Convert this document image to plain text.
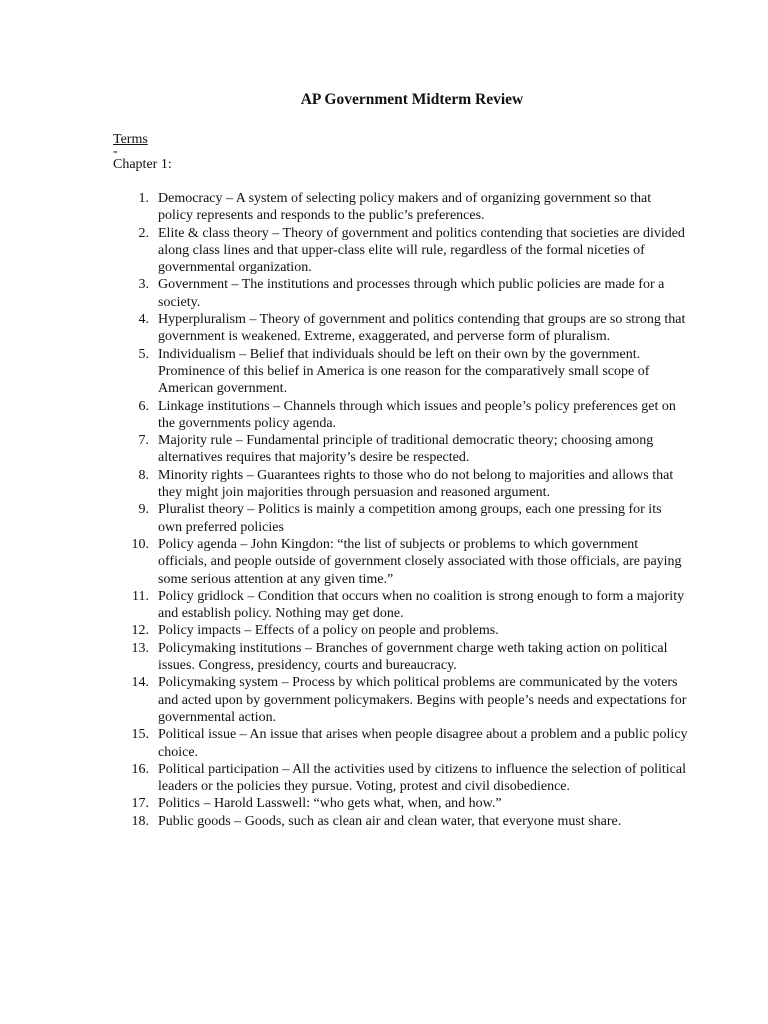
AP Government Midterm Review
Terms
-
Chapter 1:
1. Democracy – A system of selecting policy makers and of organizing government so that policy represents and responds to the public’s preferences.
2. Elite & class theory – Theory of government and politics contending that societies are divided along class lines and that upper-class elite will rule, regardless of the formal niceties of governmental organization.
3. Government – The institutions and processes through which public policies are made for a society.
4. Hyperpluralism – Theory of government and politics contending that groups are so strong that government is weakened. Extreme, exaggerated, and perverse form of pluralism.
5. Individualism – Belief that individuals should be left on their own by the government. Prominence of this belief in America is one reason for the comparatively small scope of American government.
6. Linkage institutions – Channels through which issues and people’s policy preferences get on the governments policy agenda.
7. Majority rule – Fundamental principle of traditional democratic theory; choosing among alternatives requires that majority’s desire be respected.
8. Minority rights – Guarantees rights to those who do not belong to majorities and allows that they might join majorities through persuasion and reasoned argument.
9. Pluralist theory – Politics is mainly a competition among groups, each one pressing for its own preferred policies
10. Policy agenda – John Kingdon: “the list of subjects or problems to which government officials, and people outside of government closely associated with those officials, are paying some serious attention at any given time.”
11. Policy gridlock – Condition that occurs when no coalition is strong enough to form a majority and establish policy. Nothing may get done.
12. Policy impacts – Effects of a policy on people and problems.
13. Policymaking institutions – Branches of government charge weth taking action on political issues. Congress, presidency, courts and bureaucracy.
14. Policymaking system – Process by which political problems are communicated by the voters and acted upon by government policymakers. Begins with people’s needs and expectations for governmental action.
15. Political issue – An issue that arises when people disagree about a problem and a public policy choice.
16. Political participation – All the activities used by citizens to influence the selection of political leaders or the policies they pursue. Voting, protest and civil disobedience.
17. Politics – Harold Lasswell: “who gets what, when, and how.”
18. Public goods – Goods, such as clean air and clean water, that everyone must share.
